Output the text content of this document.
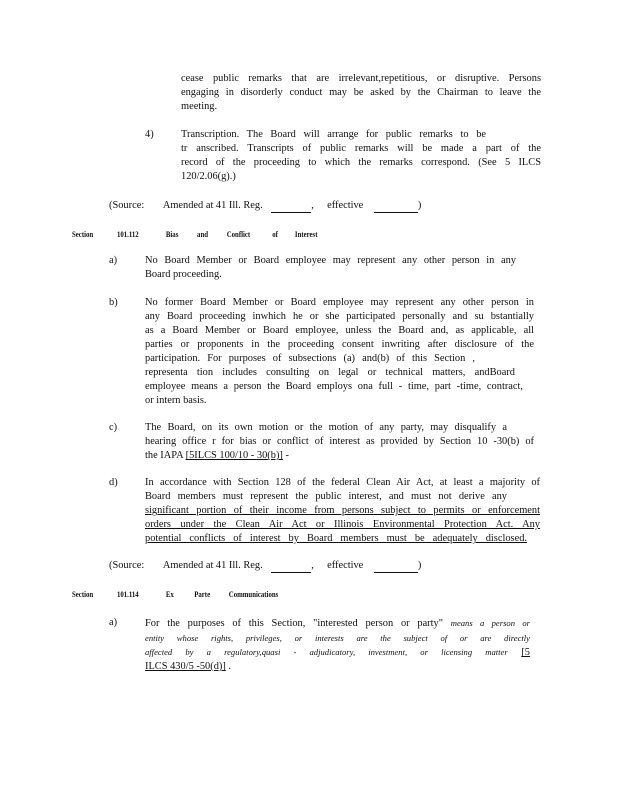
cease public remarks that are irrelevant,repetitious, or disruptive. Persons
engaging in disorderly conduct may be asked by the Chairman to leave the
meeting.
4)	Transcription. The Board will arrange for public remarks to be
tr anscribed. Transcripts of public remarks will be made a part of the
record of the proceeding to which the remarks correspond. (See 5 ILCS
120/2.06(g).)
(Source: Amended at 41 Ill. Reg.	, effective	)
Section	101.112	Bias and Conflict	of Interest
a)	No Board Member or Board employee may represent any other person in any
Board proceeding.
b)	No former Board Member or Board employee may represent any other person in
any Board proceeding inwhich he or she participated personally and su bstantially
as a Board Member or Board employee, unless the Board and, as applicable, all
parties or proponents in the proceeding consent inwriting after disclosure of the
participation. For purposes of subsections (a) and(b) of this Section ,
representa tion includes consulting on legal or technical matters, andBoard
employee means a person the Board employs ona full - time, part -time, contract,
or intern basis.
c)	The Board, on its own motion or the motion of any party, may disqualify a
hearing office r for bias or conflict of interest as provided by Section 10 -30(b) of
the IAPA [5ILCS 100/10 - 30(b)] -
d)	In accordance with Section 128 of the federal Clean Air Act, at least a majority of
Board members must represent the public interest, and must not derive any
significant portion of their income from persons subject to permits or enforcement
orders under the Clean Air Act or Illinois Environmental Protection Act. Any
potential conflicts of interest by Board members must be adequately disclosed.
(Source: Amended at 41 Ill. Reg.	, effective	)
Section	101.114	Ex	Parte Communications
a)	For the purposes of this Section, "interested person or party" means a person or
entity whose rights, privileges, or interests are the subject of or are directly
affected by a regulatory,quasi - adjudicatory, investment, or licensing matter [5
ILCS 430/5 -50(d)] .
